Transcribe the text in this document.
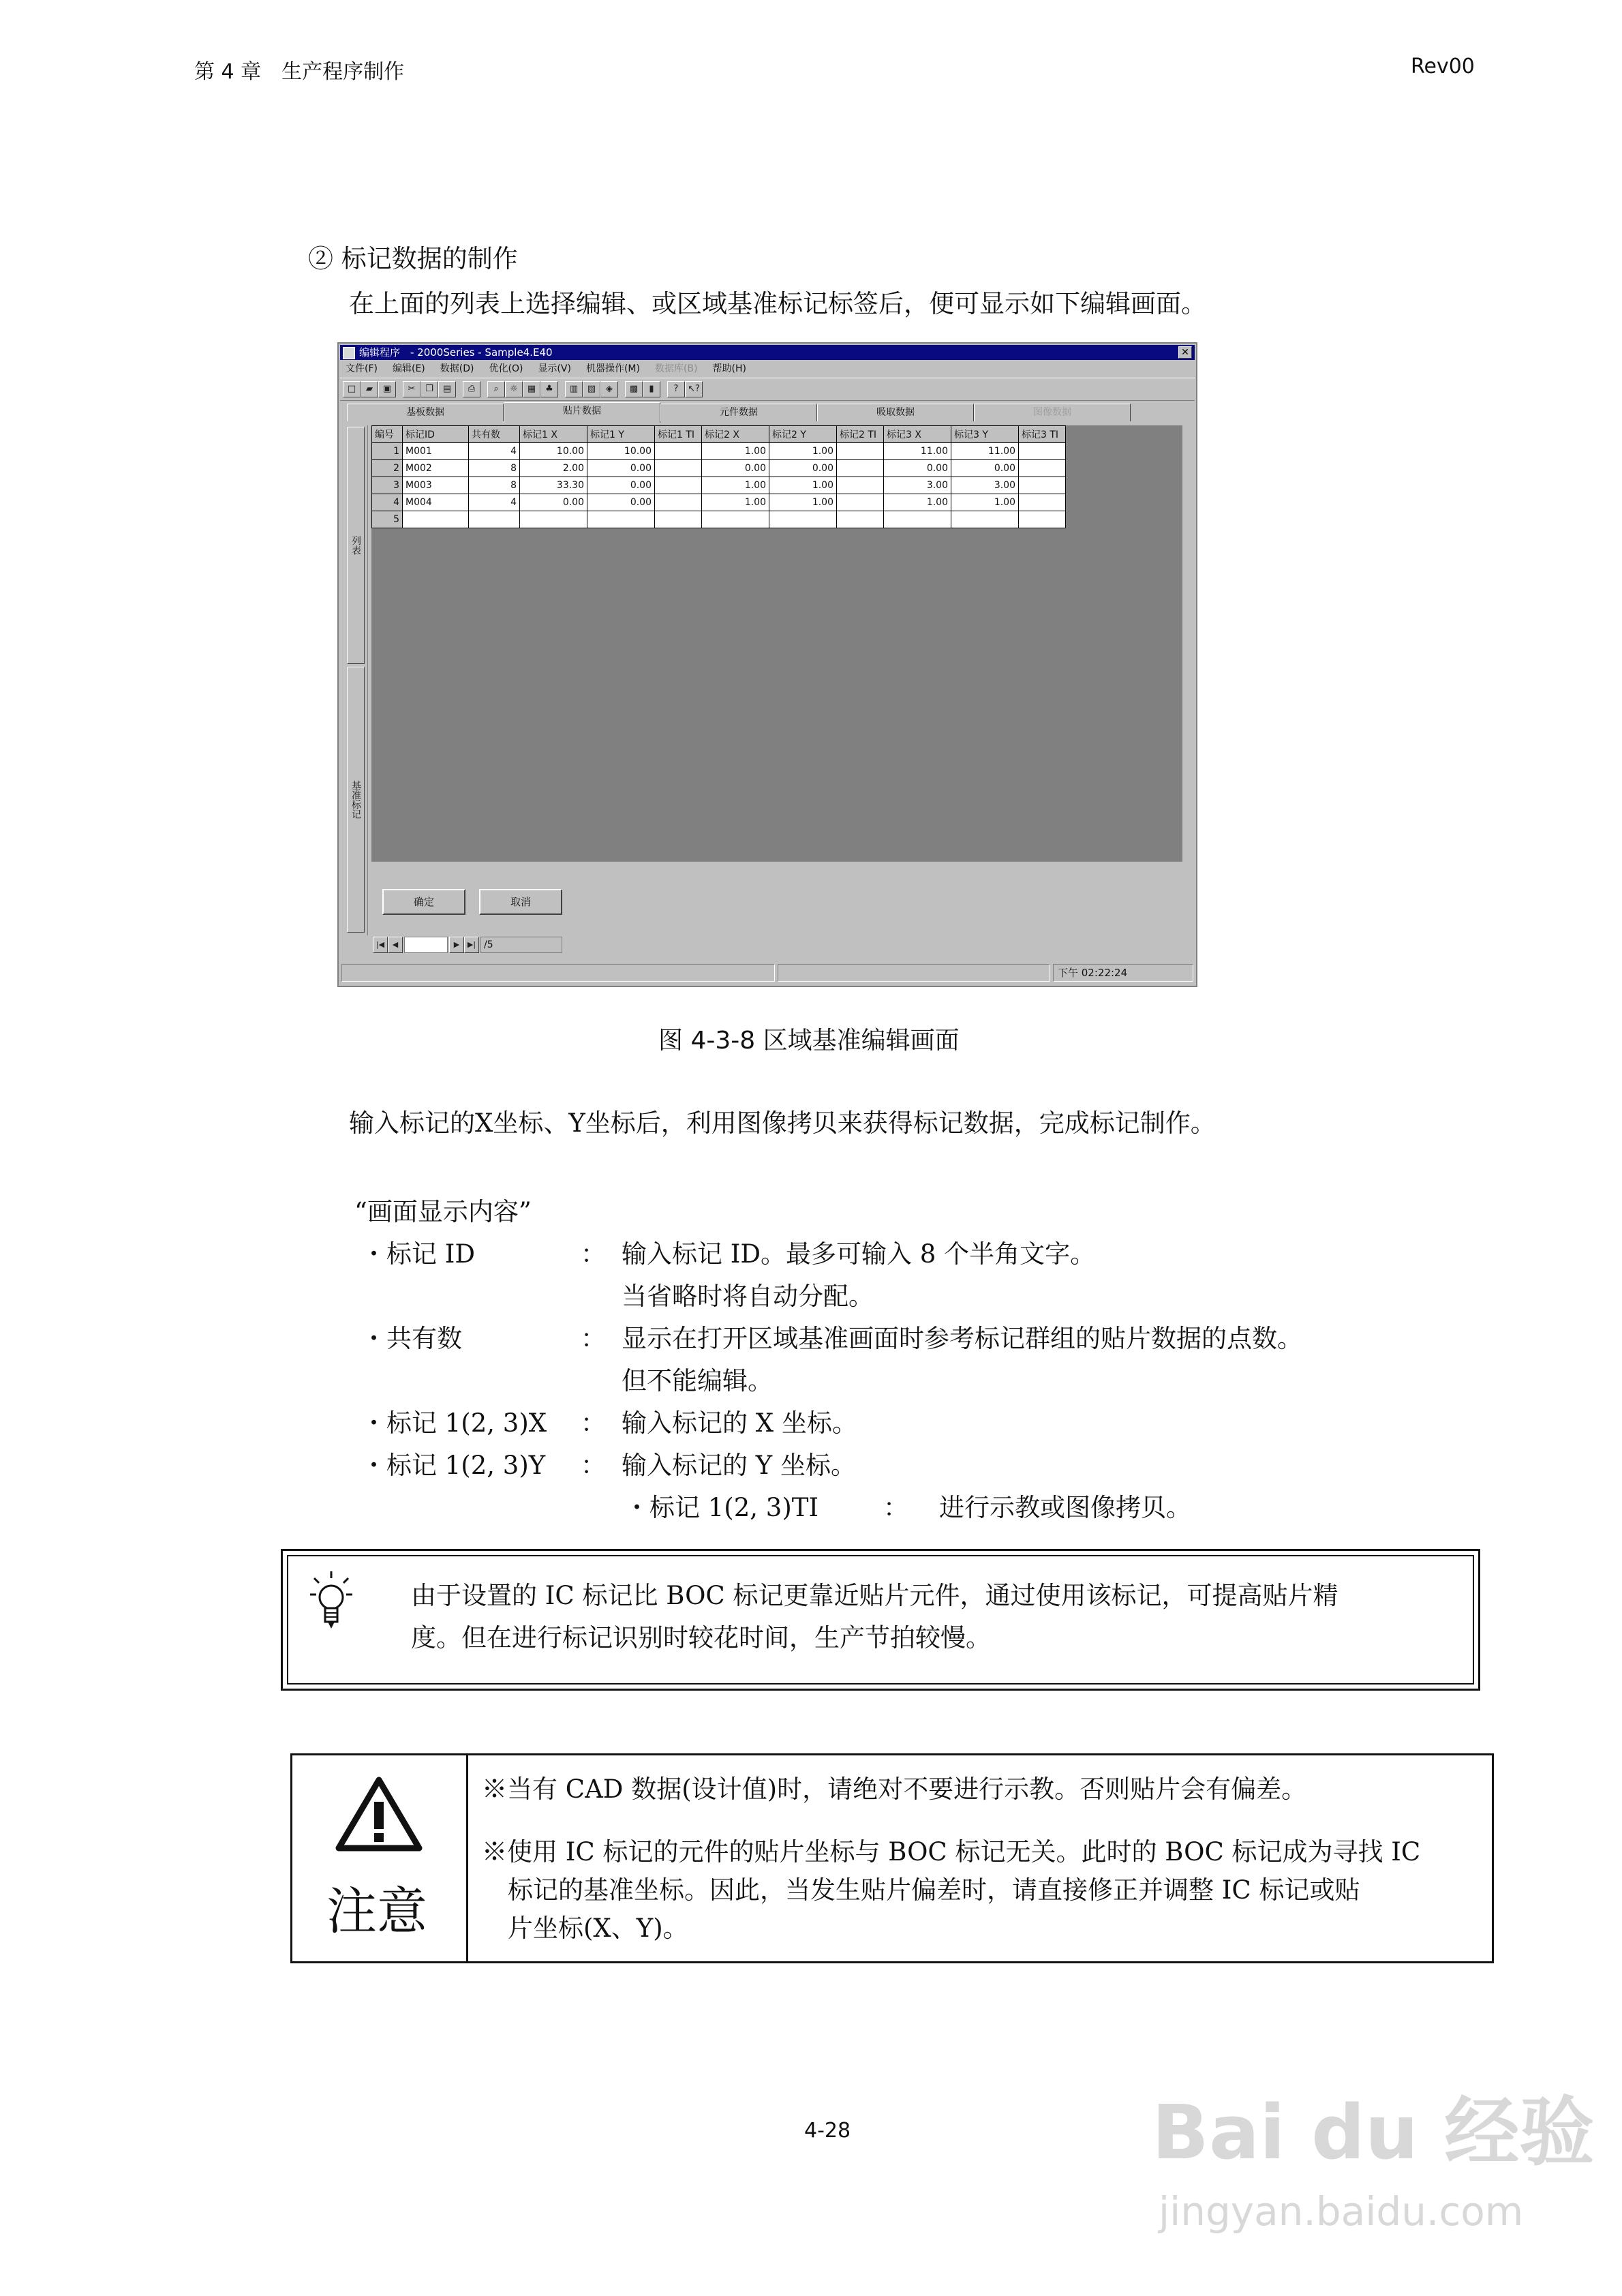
第 4 章　生产程序制作	Rev00
② 标记数据的制作
在上面的列表上选择编辑、或区域基准标记标签后，便可显示如下编辑画面。
编辑程序　- 2000Series - Sample4.E40	✕
文件(F) 编辑(E) 数据(D) 优化(O) 显示(V) 机器操作(M) 数据库(B) 帮助(H)
□	▰	▣	✂	❐	▤	⎙	⌕	☼	▦	♣	▥	▧	◈	▩	▮	?	↖?
基板数据	贴片数据	元件数据	吸取数据	图像数据
列表
基准标记
编号	标记ID	共有数	标记1 X	标记1 Y	标记1 TI	标记2 X	标记2 Y	标记2 TI	标记3 X	标记3 Y	标记3 TI
1	M001	4	10.00	10.00		1.00	1.00		11.00	11.00	
2	M002	8	2.00	0.00		0.00	0.00		0.00	0.00	
3	M003	8	33.30	0.00		1.00	1.00		3.00	3.00	
4	M004	4	0.00	0.00		1.00	1.00		1.00	1.00	
5											
确定	取消
|◀	◀	▶	▶| /5
下午 02:22:24
图 4-3-8 区域基准编辑画面
输入标记的X坐标、Y坐标后，利用图像拷贝来获得标记数据，完成标记制作。
“画面显示内容”
・标记 ID	： 输入标记 ID。最多可输入 8 个半角文字。
当省略时将自动分配。
・共有数	： 显示在打开区域基准画面时参考标记群组的贴片数据的点数。
但不能编辑。
・标记 1(2, 3)X ： 输入标记的 X 坐标。
・标记 1(2, 3)Y ： 输入标记的 Y 坐标。
・标记 1(2, 3)TI	： 进行示教或图像拷贝。
由于设置的 IC 标记比 BOC 标记更靠近贴片元件，通过使用该标记，可提高贴片精
度。但在进行标记识别时较花时间，生产节拍较慢。
注意
※当有 CAD 数据(设计值)时，请绝对不要进行示教。否则贴片会有偏差。
※使用 IC 标记的元件的贴片坐标与 BOC 标记无关。此时的 BOC 标记成为寻找 IC
标记的基准坐标。因此，当发生贴片偏差时，请直接修正并调整 IC 标记或贴
片坐标(X、Y)。
4-28	Bai du 经验
jingyan.baidu.com
